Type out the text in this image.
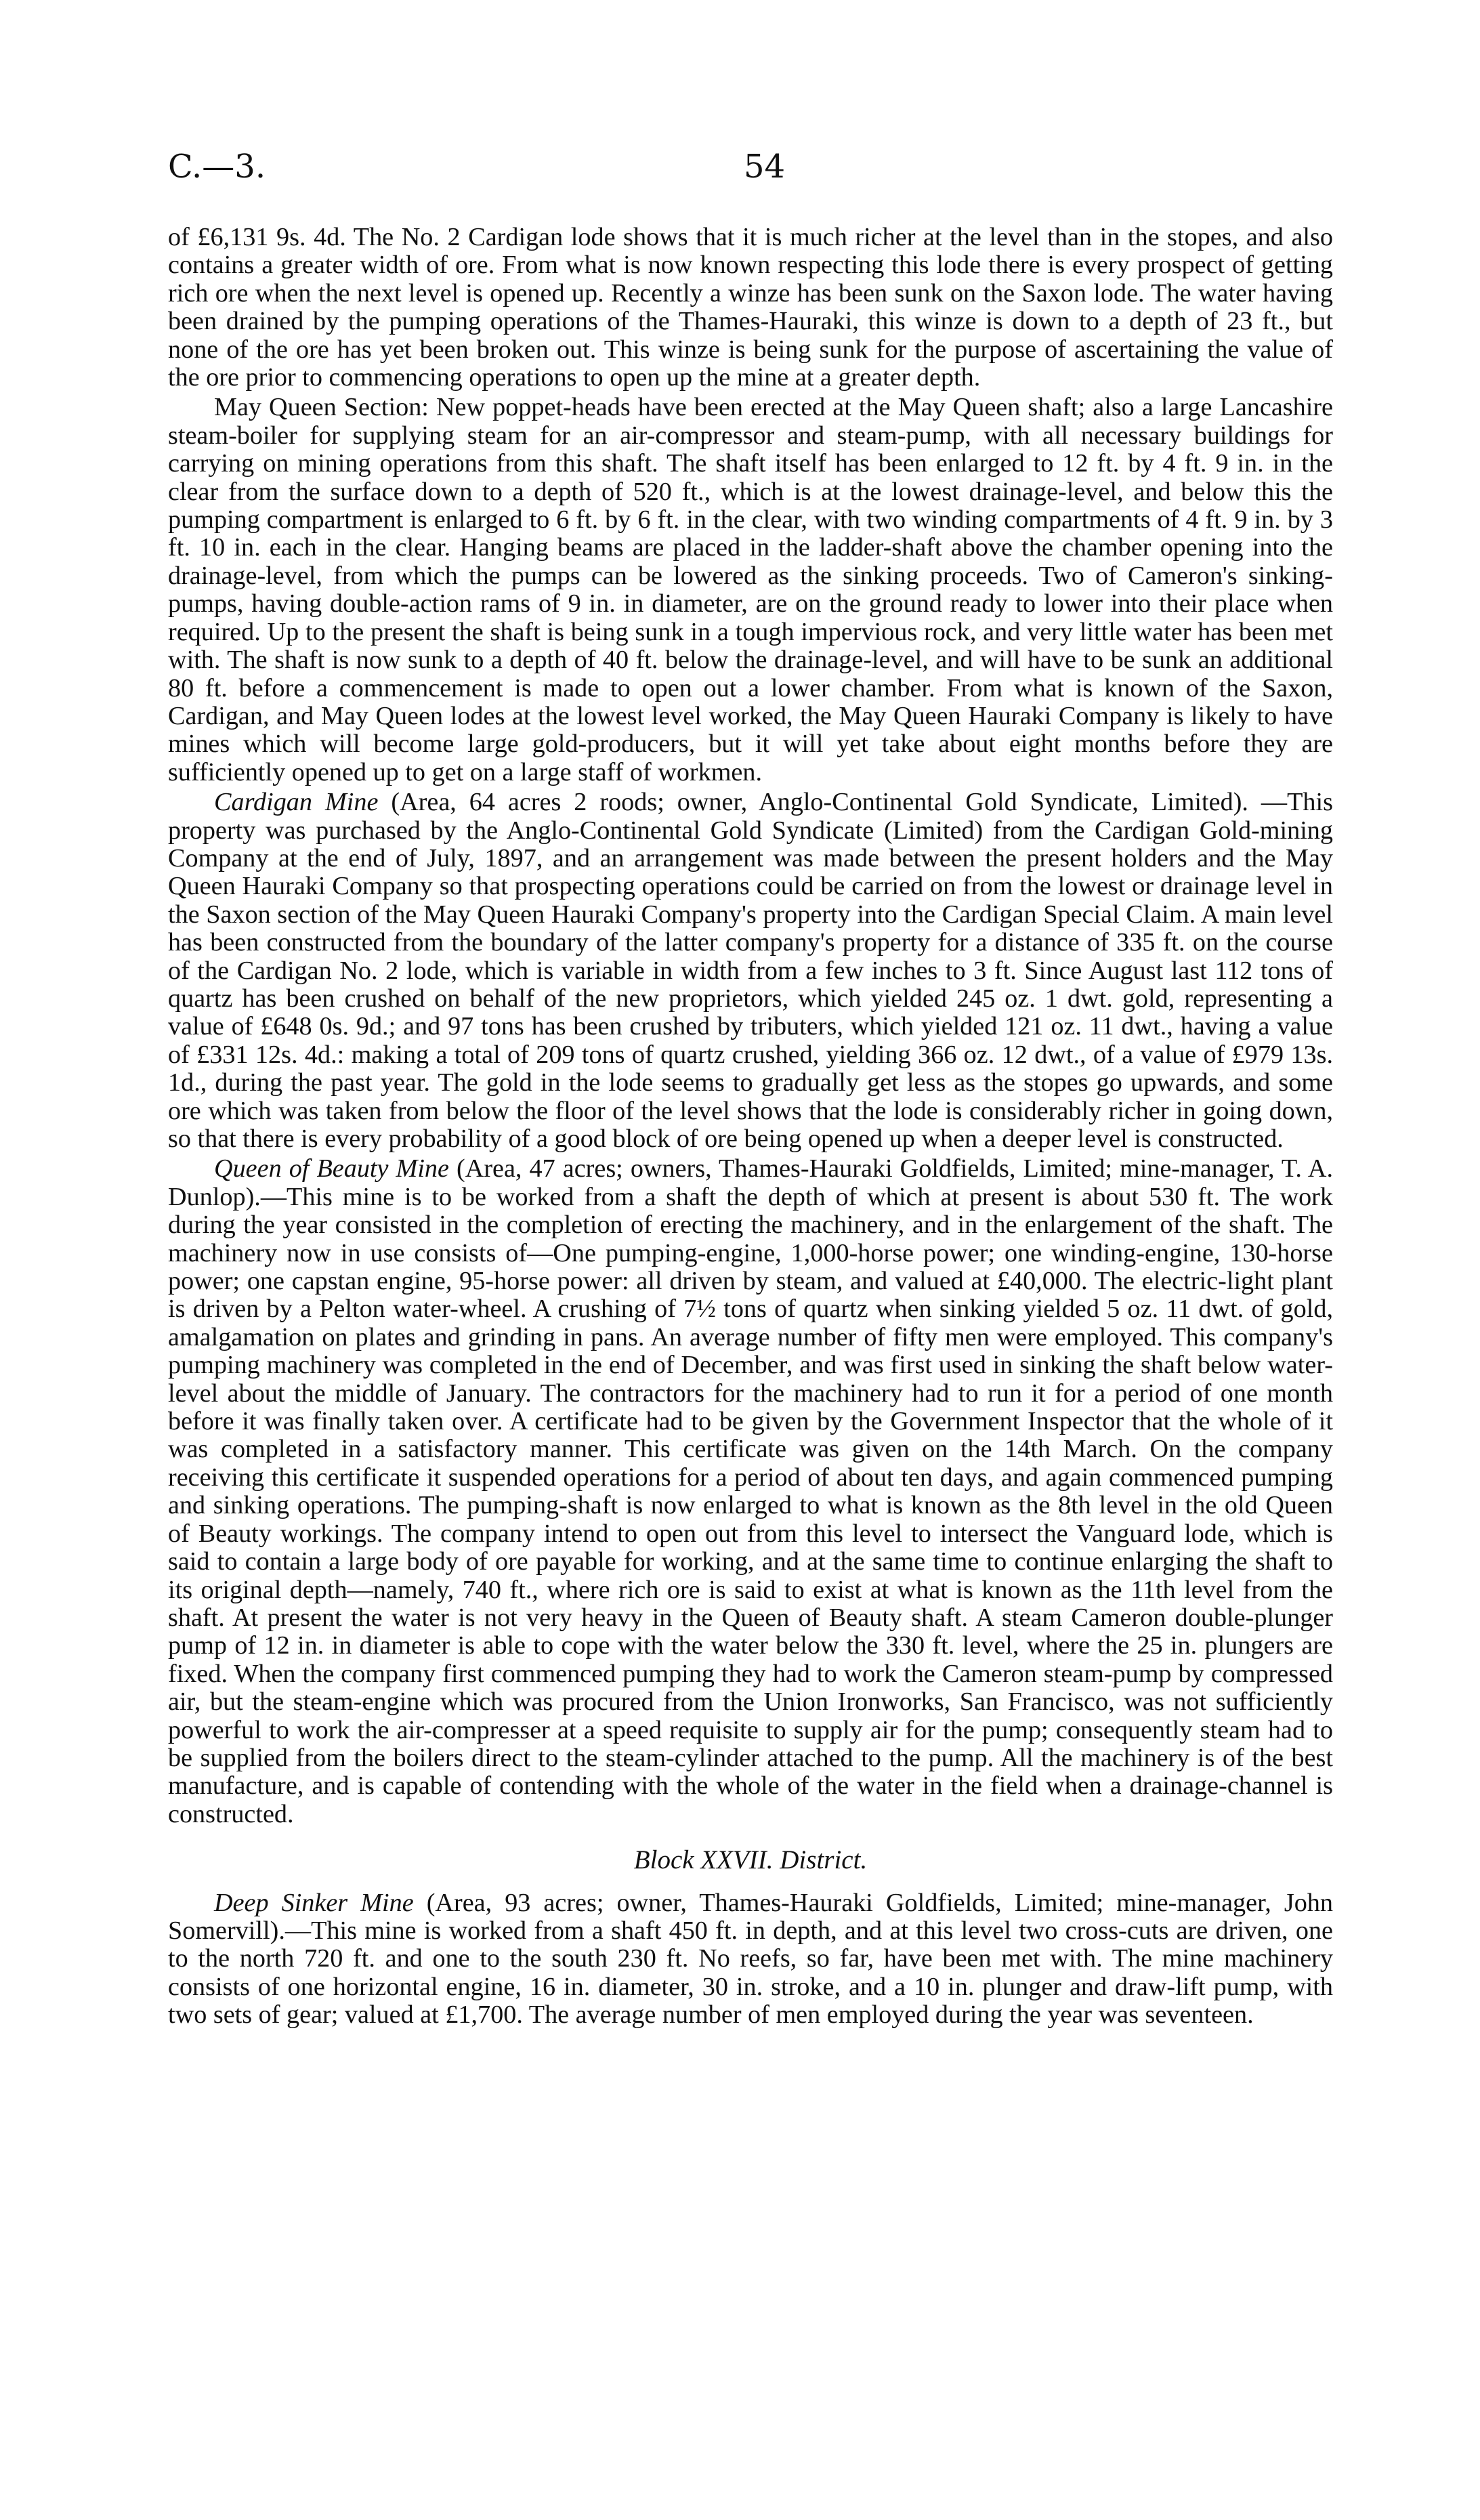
C.—3.	54

of £6,131 9s. 4d. The No. 2 Cardigan lode shows that it is much richer at the level than in the stopes, and also contains a greater width of ore. From what is now known respecting this lode there is every prospect of getting rich ore when the next level is opened up. Recently a winze has been sunk on the Saxon lode. The water having been drained by the pumping operations of the Thames-Hauraki, this winze is down to a depth of 23 ft., but none of the ore has yet been broken out. This winze is being sunk for the purpose of ascertaining the value of the ore prior to commencing operations to open up the mine at a greater depth.

May Queen Section: New poppet-heads have been erected at the May Queen shaft; also a large Lancashire steam-boiler for supplying steam for an air-compressor and steam-pump, with all necessary buildings for carrying on mining operations from this shaft. The shaft itself has been enlarged to 12 ft. by 4 ft. 9 in. in the clear from the surface down to a depth of 520 ft., which is at the lowest drainage-level, and below this the pumping compartment is enlarged to 6 ft. by 6 ft. in the clear, with two winding compartments of 4 ft. 9 in. by 3 ft. 10 in. each in the clear. Hanging beams are placed in the ladder-shaft above the chamber opening into the drainage-level, from which the pumps can be lowered as the sinking proceeds. Two of Cameron's sinking-pumps, having double-action rams of 9 in. in diameter, are on the ground ready to lower into their place when required. Up to the present the shaft is being sunk in a tough impervious rock, and very little water has been met with. The shaft is now sunk to a depth of 40 ft. below the drainage-level, and will have to be sunk an additional 80 ft. before a commencement is made to open out a lower chamber. From what is known of the Saxon, Cardigan, and May Queen lodes at the lowest level worked, the May Queen Hauraki Company is likely to have mines which will become large gold-producers, but it will yet take about eight months before they are sufficiently opened up to get on a large staff of workmen.

Cardigan Mine (Area, 64 acres 2 roods; owner, Anglo-Continental Gold Syndicate, Limited). —This property was purchased by the Anglo-Continental Gold Syndicate (Limited) from the Cardigan Gold-mining Company at the end of July, 1897, and an arrangement was made between the present holders and the May Queen Hauraki Company so that prospecting operations could be carried on from the lowest or drainage level in the Saxon section of the May Queen Hauraki Company's property into the Cardigan Special Claim. A main level has been constructed from the boundary of the latter company's property for a distance of 335 ft. on the course of the Cardigan No. 2 lode, which is variable in width from a few inches to 3 ft. Since August last 112 tons of quartz has been crushed on behalf of the new proprietors, which yielded 245 oz. 1 dwt. gold, representing a value of £648 0s. 9d.; and 97 tons has been crushed by tributers, which yielded 121 oz. 11 dwt., having a value of £331 12s. 4d.: making a total of 209 tons of quartz crushed, yielding 366 oz. 12 dwt., of a value of £979 13s. 1d., during the past year. The gold in the lode seems to gradually get less as the stopes go upwards, and some ore which was taken from below the floor of the level shows that the lode is considerably richer in going down, so that there is every probability of a good block of ore being opened up when a deeper level is constructed.

Queen of Beauty Mine (Area, 47 acres; owners, Thames-Hauraki Goldfields, Limited; mine-manager, T. A. Dunlop).—This mine is to be worked from a shaft the depth of which at present is about 530 ft. The work during the year consisted in the completion of erecting the machinery, and in the enlargement of the shaft. The machinery now in use consists of—One pumping-engine, 1,000-horse power; one winding-engine, 130-horse power; one capstan engine, 95-horse power: all driven by steam, and valued at £40,000. The electric-light plant is driven by a Pelton water-wheel. A crushing of 7½ tons of quartz when sinking yielded 5 oz. 11 dwt. of gold, amalgamation on plates and grinding in pans. An average number of fifty men were employed. This company's pumping machinery was completed in the end of December, and was first used in sinking the shaft below water-level about the middle of January. The contractors for the machinery had to run it for a period of one month before it was finally taken over. A certificate had to be given by the Government Inspector that the whole of it was completed in a satisfactory manner. This certificate was given on the 14th March. On the company receiving this certificate it suspended operations for a period of about ten days, and again commenced pumping and sinking operations. The pumping-shaft is now enlarged to what is known as the 8th level in the old Queen of Beauty workings. The company intend to open out from this level to intersect the Vanguard lode, which is said to contain a large body of ore payable for working, and at the same time to continue enlarging the shaft to its original depth—namely, 740 ft., where rich ore is said to exist at what is known as the 11th level from the shaft. At present the water is not very heavy in the Queen of Beauty shaft. A steam Cameron double-plunger pump of 12 in. in diameter is able to cope with the water below the 330 ft. level, where the 25 in. plungers are fixed. When the company first commenced pumping they had to work the Cameron steam-pump by compressed air, but the steam-engine which was procured from the Union Ironworks, San Francisco, was not sufficiently powerful to work the air-compresser at a speed requisite to supply air for the pump; consequently steam had to be supplied from the boilers direct to the steam-cylinder attached to the pump. All the machinery is of the best manufacture, and is capable of contending with the whole of the water in the field when a drainage-channel is constructed.

Block XXVII. District.

Deep Sinker Mine (Area, 93 acres; owner, Thames-Hauraki Goldfields, Limited; mine-manager, John Somervill).—This mine is worked from a shaft 450 ft. in depth, and at this level two cross-cuts are driven, one to the north 720 ft. and one to the south 230 ft. No reefs, so far, have been met with. The mine machinery consists of one horizontal engine, 16 in. diameter, 30 in. stroke, and a 10 in. plunger and draw-lift pump, with two sets of gear; valued at £1,700. The average number of men employed during the year was seventeen.
